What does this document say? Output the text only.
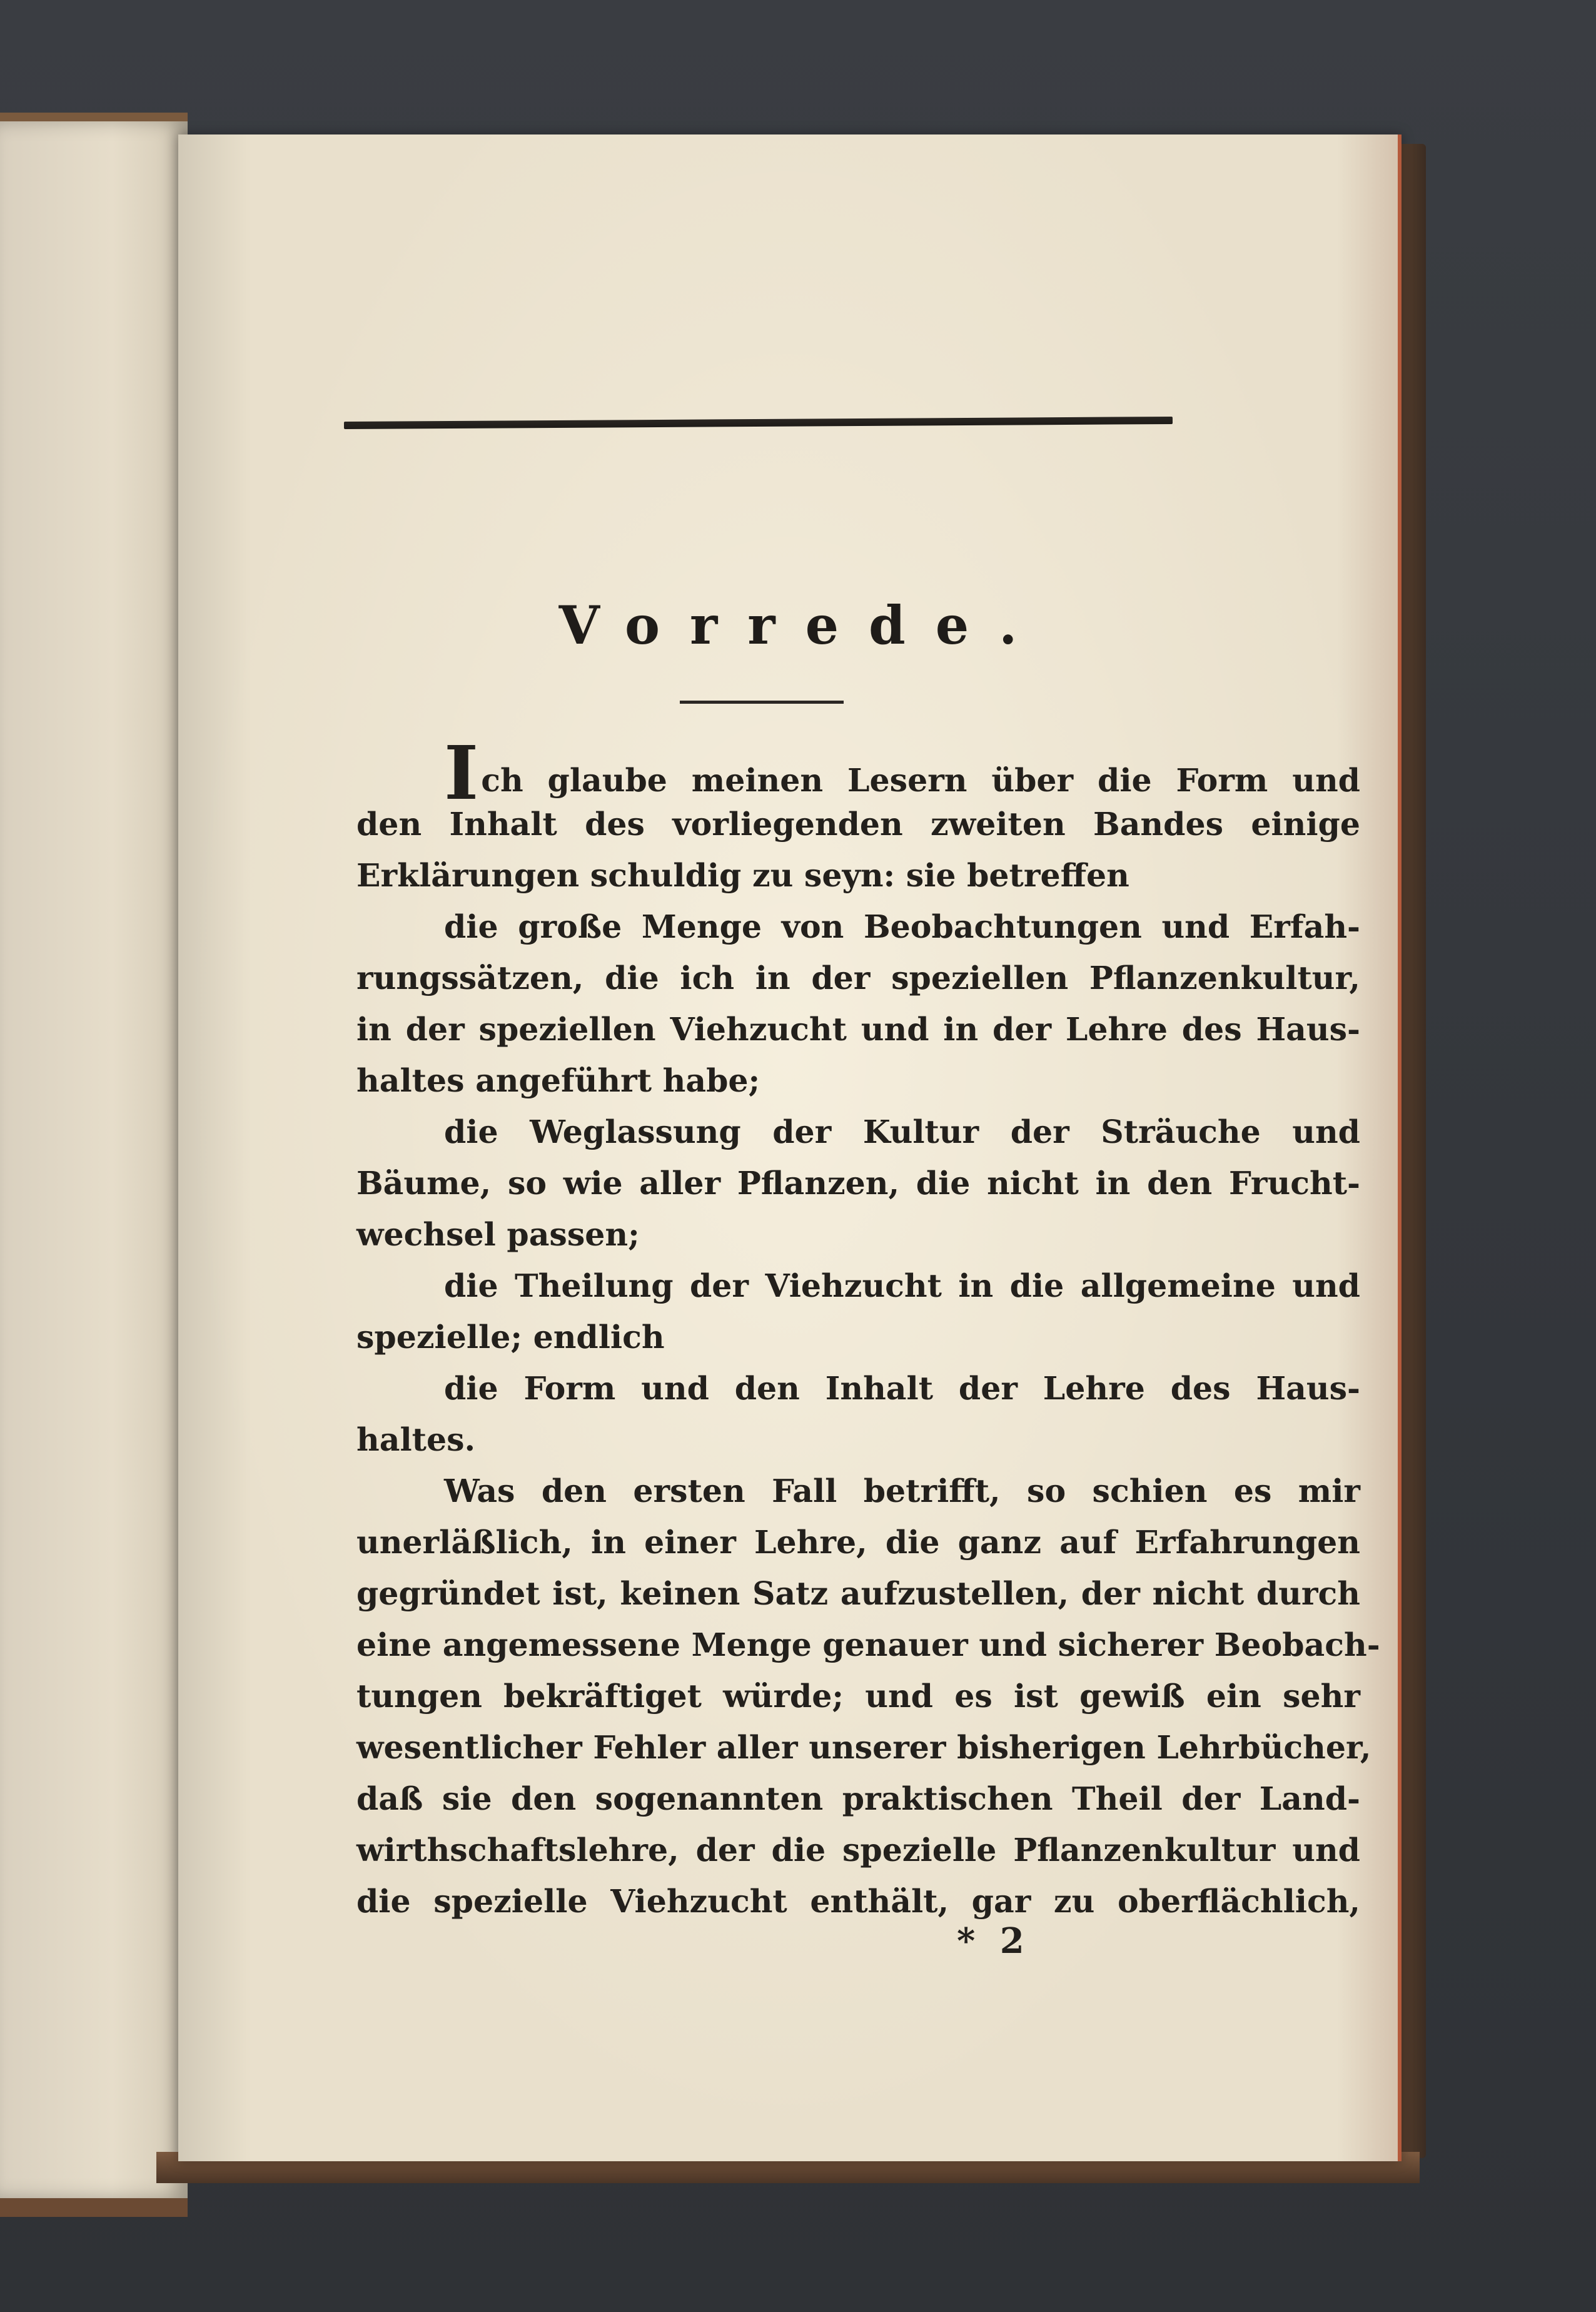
Vorrede.
Ich glaube meinen Lesern über die Form und
den Inhalt des vorliegenden zweiten Bandes einige
Erklärungen schuldig zu seyn: sie betreffen
die große Menge von Beobachtungen und Erfah-
rungssätzen, die ich in der speziellen Pflanzenkultur,
in der speziellen Viehzucht und in der Lehre des Haus-
haltes angeführt habe;
die Weglassung der Kultur der Sträuche und
Bäume, so wie aller Pflanzen, die nicht in den Frucht-
wechsel passen;
die Theilung der Viehzucht in die allgemeine und
spezielle; endlich
die Form und den Inhalt der Lehre des Haus-
haltes.
Was den ersten Fall betrifft, so schien es mir
unerläßlich, in einer Lehre, die ganz auf Erfahrungen
gegründet ist, keinen Satz aufzustellen, der nicht durch
eine angemessene Menge genauer und sicherer Beobach-
tungen bekräftiget würde; und es ist gewiß ein sehr
wesentlicher Fehler aller unserer bisherigen Lehrbücher,
daß sie den sogenannten praktischen Theil der Land-
wirthschaftslehre, der die spezielle Pflanzenkultur und
die spezielle Viehzucht enthält, gar zu oberflächlich,
* 2
